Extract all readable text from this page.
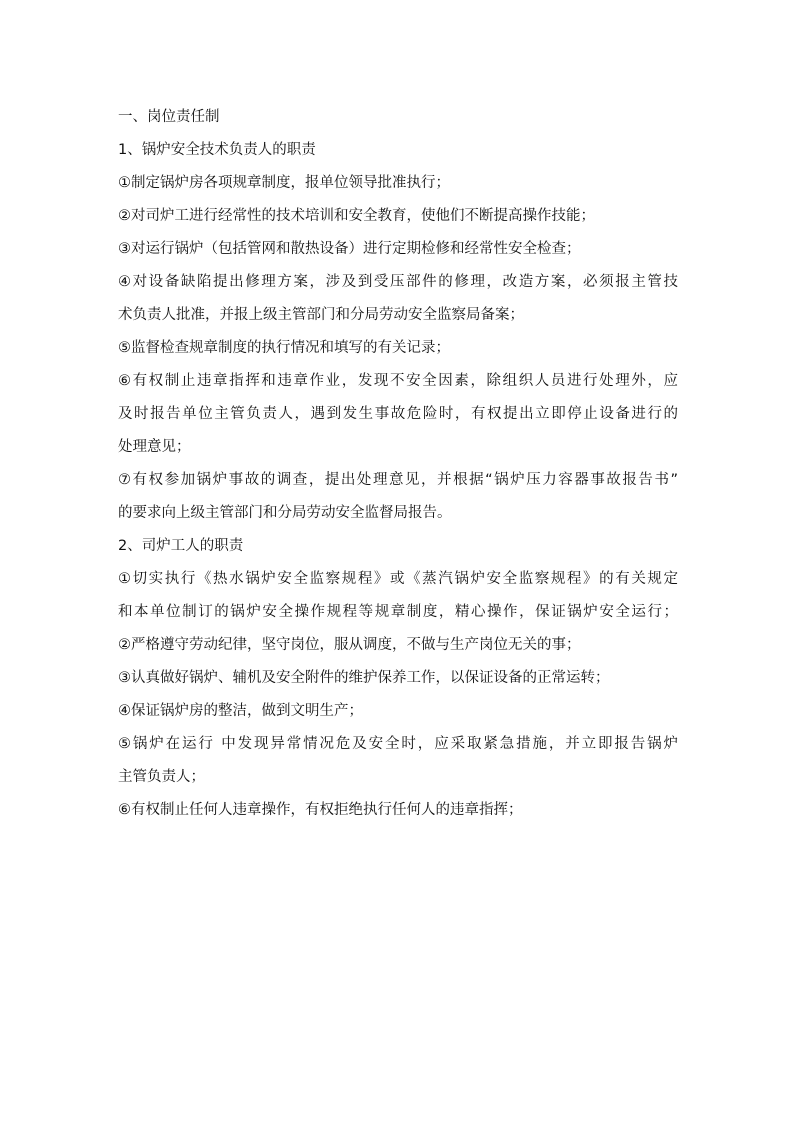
一、岗位责任制

1、锅炉安全技术负责人的职责

①制定锅炉房各项规章制度，报单位领导批准执行；

②对司炉工进行经常性的技术培训和安全教育，使他们不断提高操作技能；

③对运行锅炉（包括管网和散热设备）进行定期检修和经常性安全检查；

④对设备缺陷提出修理方案，涉及到受压部件的修理，改造方案，必须报主管技

术负责人批准，并报上级主管部门和分局劳动安全监察局备案；

⑤监督检查规章制度的执行情况和填写的有关记录；

⑥有权制止违章指挥和违章作业，发现不安全因素，除组织人员进行处理外，应

及时报告单位主管负责人，遇到发生事故危险时，有权提出立即停止设备进行的

处理意见；

⑦有权参加锅炉事故的调查，提出处理意见，并根据“锅炉压力容器事故报告书”

的要求向上级主管部门和分局劳动安全监督局报告。

2、司炉工人的职责

①切实执行《热水锅炉安全监察规程》或《蒸汽锅炉安全监察规程》的有关规定

和本单位制订的锅炉安全操作规程等规章制度，精心操作，保证锅炉安全运行；

②严格遵守劳动纪律，坚守岗位，服从调度，不做与生产岗位无关的事；

③认真做好锅炉、辅机及安全附件的维护保养工作，以保证设备的正常运转；

④保证锅炉房的整洁，做到文明生产；

⑤锅炉在运行 中发现异常情况危及安全时，应采取紧急措施，并立即报告锅炉

主管负责人；

⑥有权制止任何人违章操作，有权拒绝执行任何人的违章指挥；
